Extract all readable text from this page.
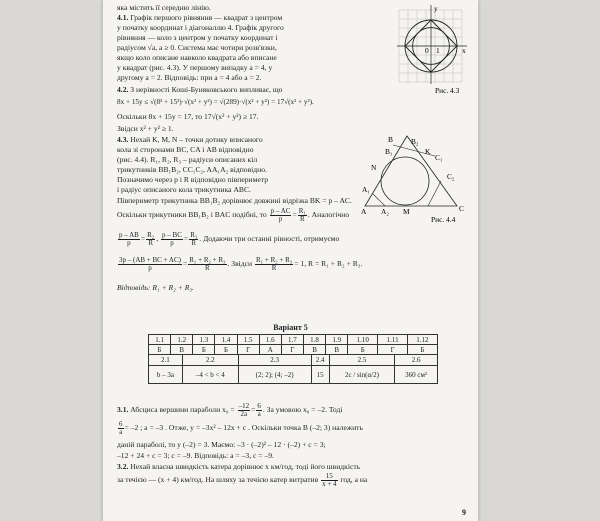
яка містить її середню лінію.
4.1. Графік першого рівняння — квадрат з центром
у початку координат і діагоналлю 4. Графік другого
рівняння — коло з центром у початку координат і
радіусом √a, a ≥ 0. Система має чотири розв'язки,
якщо коло описане навколо квадрата або вписане
у квадрат (рис. 4.3). У першому випадку a = 4, у
другому a = 2. Відповідь: при a = 4 або a = 2.
4.2. З нерівності Коші-Буняковського випливає, що
8x + 15y ≤ √(8² + 15²)·√(x² + y²) = √(289)·√(x² + y²) = 17√(x² + y²).
Оскільки 8x + 15y = 17, то 17√(x² + y²) ≥ 17.
Звідси x² + y² ≥ 1.
4.3. Нехай K, M, N – точки дотику вписаного
кола зі сторонами BC, CA і AB відповідно
(рис. 4.4). R₁, R₂, R₃ – радіуси описаних кіл
трикутників BB₁B₂, CC₁C₂, AA₁A₂ відповідно.
Позначимо через p і R відповідно півпериметр
і радіус описаного кола трикутника ABC.
Півпериметр трикутника BB₁B₂ дорівнює довжині відрізка BK = p – AC.
Оскільки трикутники BB₁B₂ і BAC подібні, то $\frac{p - AC}{p} = \frac{\text{R₁}}{R}$ . Аналогічно
$\frac{p - AB}{p} = \frac{\text{R₂}}{R}$ , $\frac{p - BC}{p} = \frac{\text{R₃}}{R}$ . Додаючи три останні рівності, отримуємо
$\frac{3p - (AB + BC + AC)}{p} = \frac{\text{R₁ + R₂ + R₃}}{R}$ . Звідси $\frac{\text{R₁ + R₂ + R₃}}{R} = 1$, R = R₁ + R₂ + R₃.
Відповідь: R₁ + R₂ + R₃.
Варіант 5
1.1	1.2	1.3	1.4	1.5	1.6	1.7	1.8	1.9	1.10	1.11	1.12
Б	В	Б	Б	Г	А	Г	В	В	Б	Г	Б
2.1	2.2	2.3	2.4	2.5	2.6
b – 3a	–4 < b < 4	(2; 2); (4; –2)	15	2c / sin(α/2)	360 см²
3.1. Абсциса вершини параболи $x_0 = \frac{-12}{2a} = \frac{6}{a}$ . За умовою x₀ = –2. Тоді
$\frac{6}{a} = -2$ ; a = –3 . Отже, y = –3x² – 12x + c . Оскільки точка B (–2; 3) належить
даній параболі, то y (–2) = 3. Маємо: –3 · (–2)² – 12 · (–2) + c = 3;
–12 + 24 + c = 3; c = –9. Відповідь: a = –3, c = –9.
3.2. Нехай власна швидкість катера дорівнює x км/год, тоді його швидкість
за течією — (x + 4) км/год. На шляху за течією катер витратив $\frac{15}{x + 4}$ год, а на
y
x
0 1
Рис. 4.3
B
B₁
B₂
K
C₁
C₂
C
N
A₁
A A₂ M
Рис. 4.4
9
